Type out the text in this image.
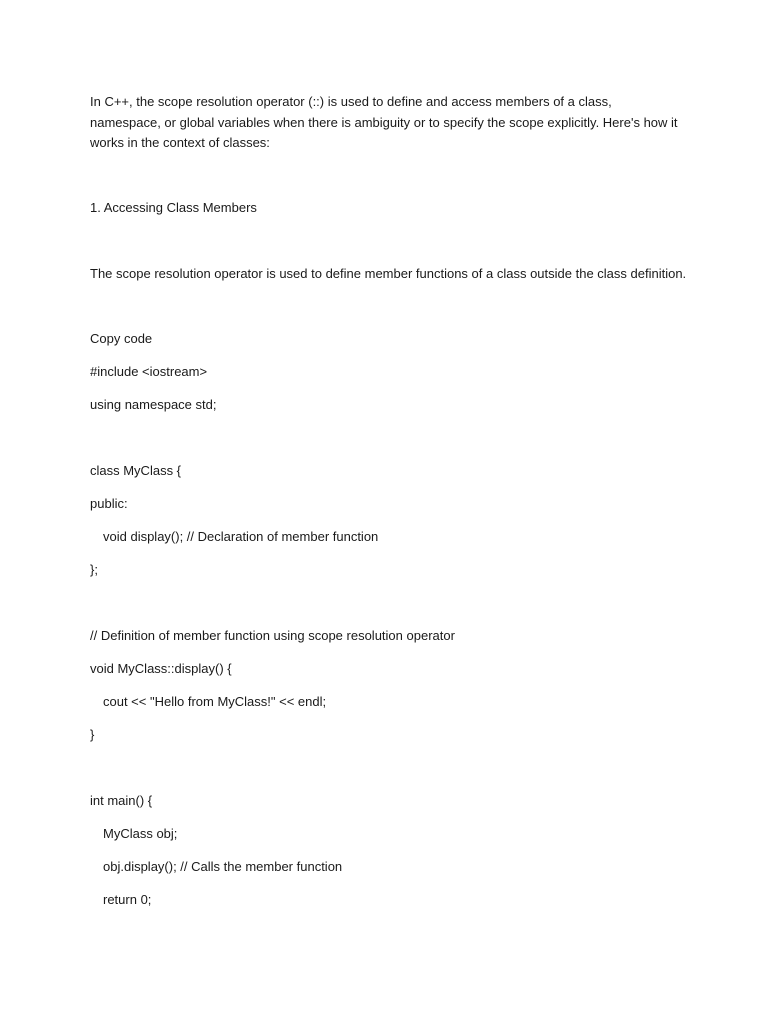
In C++, the scope resolution operator (::) is used to define and access members of a class, namespace, or global variables when there is ambiguity or to specify the scope explicitly. Here's how it works in the context of classes:

1. Accessing Class Members

The scope resolution operator is used to define member functions of a class outside the class definition.

Copy code

#include <iostream>

using namespace std;

class MyClass {

public:

void display(); // Declaration of member function

};

// Definition of member function using scope resolution operator

void MyClass::display() {

cout << "Hello from MyClass!" << endl;

}

int main() {

MyClass obj;

obj.display(); // Calls the member function

return 0;
